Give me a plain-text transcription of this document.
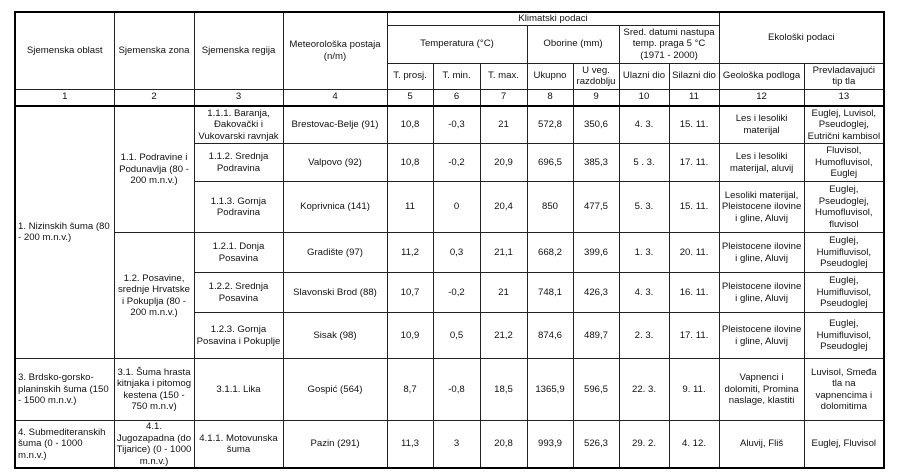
Sjemenska oblast	Sjemenska zona	Sjemenska regija	Meteorološka postaja (n/m)	Klimatski podaci							Ekološki podaci	
				Temperatura (°C)			Oborine (mm)		Sred. datumi nastupa temp. praga 5 °C (1971 - 2000)			
				T. prosj.	T. min.	T. max.	Ukupno	U veg. razdoblju	Ulazni dio	Silazni dio	Geološka podloga	Prevladavajući tip tla
1	2	3	4	5	6	7	8	9	10	11	12	13
1. Nizinskih šuma (80 - 200 m.n.v.)	1.1. Podravine i Podunavlja (80 - 200 m.n.v.)	1.1.1. Baranja, Đakovački i Vukovarski ravnjak	Brestovac-Belje (91)	10,8	-0,3	21	572,8	350,6	4. 3.	15. 11.	Les i lesoliki materijal	Euglej, Luvisol, Pseudoglej, Eutrični kambisol
		1.1.2. Srednja Podravina	Valpovo (92)	10,8	-0,2	20,9	696,5	385,3	5 . 3.	17. 11.	Les i lesoliki materijal, aluvij	Fluvisol, Humofluvisol, Euglej
		1.1.3. Gornja Podravina	Koprivnica (141)	11	0	20,4	850	477,5	5. 3.	15. 11.	Lesoliki materijal, Pleistocene ilovine i gline, Aluvij	Euglej, Pseudoglej, Humofluvisol, fluvisol
	1.2. Posavine, srednje Hrvatske i Pokuplja (80 - 200 m.n.v.)	1.2.1. Donja Posavina	Gradište (97)	11,2	0,3	21,1	668,2	399,6	1. 3.	20. 11.	Pleistocene ilovine i gline, Aluvij	Euglej, Humifluvisol, Pseudoglej
		1.2.2. Srednja Posavina	Slavonski Brod (88)	10,7	-0,2	21	748,1	426,3	4. 3.	16. 11.	Pleistocene ilovine i gline, Aluvij	Euglej, Humifluvisol, Pseudoglej
		1.2.3. Gornja Posavina i Pokuplje	Sisak (98)	10,9	0,5	21,2	874,6	489,7	2. 3.	17. 11.	Pleistocene ilovine i gline, Aluvij	Euglej, Humifluvisol, Pseudoglej
3. Brdsko-gorsko-planinskih šuma (150 - 1500 m.n.v.)	3.1. Šuma hrasta kitnjaka i pitomog kestena (150 - 750 m.n.v)	3.1.1. Lika	Gospić (564)	8,7	-0,8	18,5	1365,9	596,5	22. 3.	9. 11.	Vapnenci i dolomiti, Promina naslage, klastiti	Luvisol, Smeđa tla na vapnencima i dolomitima
4. Submediteranskih šuma (0 - 1000 m.n.v.)	4.1. Jugozapadna (do Tijarice) (0 - 1000 m.n.v.)	4.1.1. Motovunska šuma	Pazin (291)	11,3	3	20,8	993,9	526,3	29. 2.	4. 12.	Aluvij, Fliš	Euglej, Fluvisol
